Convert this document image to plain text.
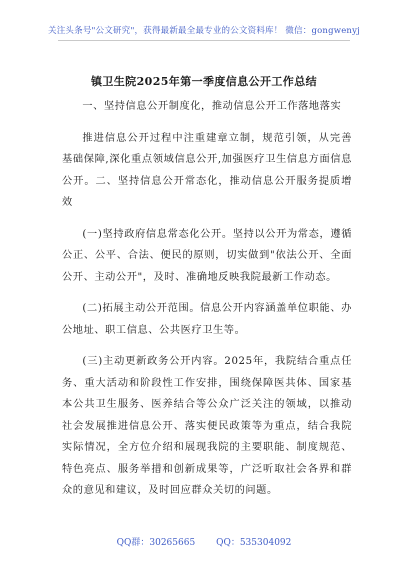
关注头条号"公文研究"，获得最新最全最专业的公文资料库！ 微信：gongwenyj
镇卫生院2025年第一季度信息公开工作总结

一、坚持信息公开制度化，推动信息公开工作落地落实

推进信息公开过程中注重建章立制，规范引领，从完善基础保障,深化重点领域信息公开,加强医疗卫生信息方面信息公开。二、坚持信息公开常态化，推动信息公开服务提质增效

(一)坚持政府信息常态化公开。坚持以公开为常态，遵循公正、公平、合法、便民的原则，切实做到"依法公开、全面公开、主动公开"，及时、准确地反映我院最新工作动态。

(二)拓展主动公开范围。信息公开内容涵盖单位职能、办公地址、职工信息、公共医疗卫生等。

(三)主动更新政务公开内容。2025年，我院结合重点任务、重大活动和阶段性工作安排，围绕保障医共体、国家基本公共卫生服务、医养结合等公众广泛关注的领域，以推动社会发展推进信息公开、落实便民政策等为重点，结合我院实际情况，全方位介绍和展现我院的主要职能、制度规范、特色亮点、服务举措和创新成果等，广泛听取社会各界和群众的意见和建议，及时回应群众关切的问题。

QQ群：30265665 QQ：535304092
